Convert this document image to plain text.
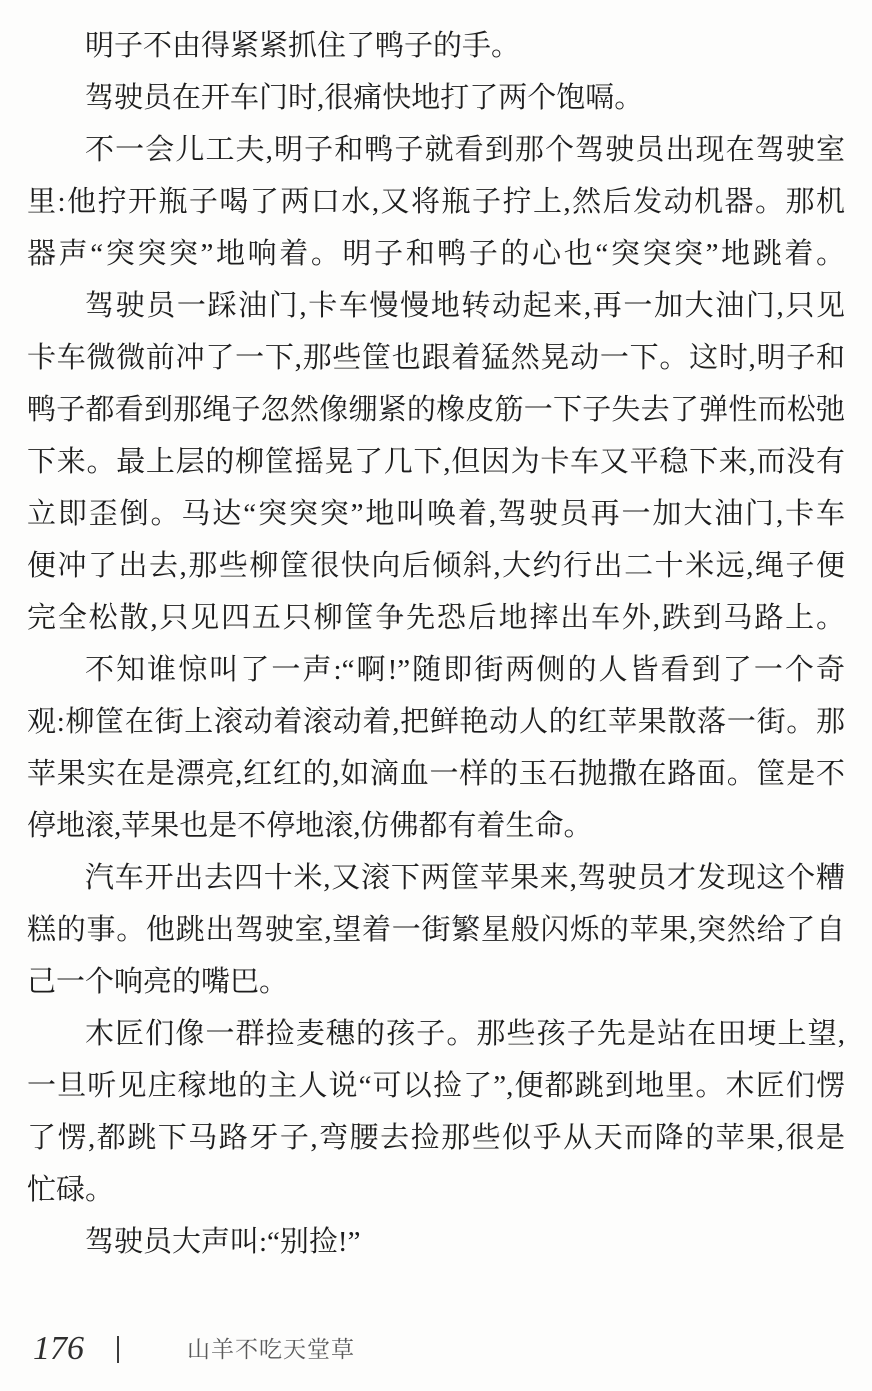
明子不由得紧紧抓住了鸭子的手。
驾驶员在开车门时,很痛快地打了两个饱嗝。
不一会儿工夫,明子和鸭子就看到那个驾驶员出现在驾驶室
里:他拧开瓶子喝了两口水,又将瓶子拧上,然后发动机器。那机
器声“突突突”地响着。明子和鸭子的心也“突突突”地跳着。
驾驶员一踩油门,卡车慢慢地转动起来,再一加大油门,只见
卡车微微前冲了一下,那些筐也跟着猛然晃动一下。这时,明子和
鸭子都看到那绳子忽然像绷紧的橡皮筋一下子失去了弹性而松弛
下来。最上层的柳筐摇晃了几下,但因为卡车又平稳下来,而没有
立即歪倒。马达“突突突”地叫唤着,驾驶员再一加大油门,卡车
便冲了出去,那些柳筐很快向后倾斜,大约行出二十米远,绳子便
完全松散,只见四五只柳筐争先恐后地摔出车外,跌到马路上。
不知谁惊叫了一声:“啊!”随即街两侧的人皆看到了一个奇
观:柳筐在街上滚动着滚动着,把鲜艳动人的红苹果散落一街。那
苹果实在是漂亮,红红的,如滴血一样的玉石抛撒在路面。筐是不
停地滚,苹果也是不停地滚,仿佛都有着生命。
汽车开出去四十米,又滚下两筐苹果来,驾驶员才发现这个糟
糕的事。他跳出驾驶室,望着一街繁星般闪烁的苹果,突然给了自
己一个响亮的嘴巴。
木匠们像一群捡麦穗的孩子。那些孩子先是站在田埂上望,
一旦听见庄稼地的主人说“可以捡了”,便都跳到地里。木匠们愣
了愣,都跳下马路牙子,弯腰去捡那些似乎从天而降的苹果,很是
忙碌。
驾驶员大声叫:“别捡!”
176	山羊不吃天堂草
